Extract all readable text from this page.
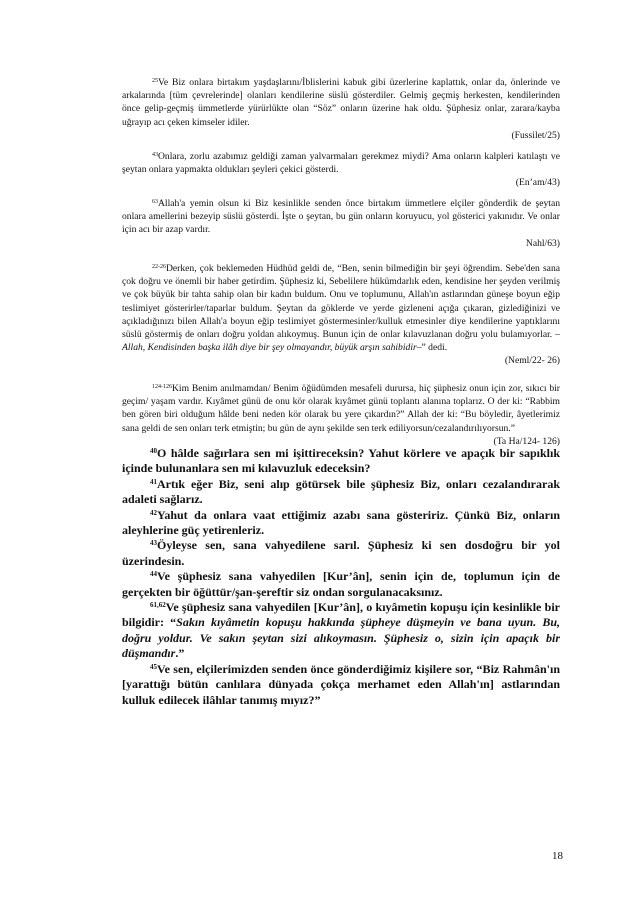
$^{25}$Ve Biz onlara birtakım yaşdaşlarını/İblislerini kabuk gibi üzerlerine kaplattık, onlar da, önlerinde ve arkalarında [tüm çevrelerinde] olanları kendilerine süslü gösterdiler. Gelmiş geçmiş herkesten, kendilerinden önce gelip-geçmiş ümmetlerde yürürlükte olan “Söz” onların üzerine hak oldu. Şüphesiz onlar, zarara/kayba uğrayıp acı çeken kimseler idiler.

(Fussilet/25)

$^{43}$Onlara, zorlu azabımız geldiği zaman yalvarmaları gerekmez miydi? Ama onların kalpleri katılaştı ve şeytan onlara yapmakta oldukları şeyleri çekici gösterdi.

(En’am/43)

$^{63}$Allah'a yemin olsun ki Biz kesinlikle senden önce birtakım ümmetlere elçiler gönderdik de şeytan onlara amellerini bezeyip süslü gösterdi. İşte o şeytan, bu gün onların koruyucu, yol gösterici yakınıdır. Ve onlar için acı bir azap vardır.

Nahl/63)

$^{22-26}$Derken, çok beklemeden Hüdhüd geldi de, “Ben, senin bilmediğin bir şeyi öğrendim. Sebe'den sana çok doğru ve önemli bir haber getirdim. Şüphesiz ki, Sebelilere hükümdarlık eden, kendisine her şeyden verilmiş ve çok büyük bir tahta sahip olan bir kadın buldum. Onu ve toplumunu, Allah'ın astlarından güneşe boyun eğip teslimiyet gösterirler/taparlar buldum. Şeytan da göklerde ve yerde gizleneni açığa çıkaran, gizlediğinizi ve açıkladığınızı bilen Allah'a boyun eğip teslimiyet göstermesinler/kulluk etmesinler diye kendilerine yaptıklarını süslü göstermiş de onları doğru yoldan alıkoymuş. Bunun için de onlar kılavuzlanan doğru yolu bulamıyorlar. –Allah, Kendisinden başka ilâh diye bir şey olmayandır, büyük arşın sahibidir–” dedi.

(Neml/22- 26)

$^{124-126}$Kim Benim anılmamdan/ Benim öğüdümden mesafeli durursa, hiç şüphesiz onun için zor, sıkıcı bir geçim/ yaşam vardır. Kıyâmet günü de onu kör olarak kıyâmet günü toplantı alanına toplarız. O der ki: “Rabbim ben gören biri olduğum hâlde beni neden kör olarak bu yere çıkardın?” Allah der ki: “Bu böyledir, âyetlerimiz sana geldi de sen onları terk etmiştin; bu gün de aynı şekilde sen terk ediliyorsun/cezalandırılıyorsun.”

(Ta Ha/124- 126)

$^{40}$O hâlde sağırlara sen mi işittireceksin? Yahut körlere ve apaçık bir sapıklık içinde bulunanlara sen mi kılavuzluk edeceksin?

$^{41}$Artık eğer Biz, seni alıp götürsek bile şüphesiz Biz, onları cezalandırarak adaleti sağlarız.

$^{42}$Yahut da onlara vaat ettiğimiz azabı sana gösteririz. Çünkü Biz, onların aleyhlerine güç yetirenleriz.

$^{43}$Öyleyse sen, sana vahyedilene sarıl. Şüphesiz ki sen dosdoğru bir yol üzerindesin.

$^{44}$Ve şüphesiz sana vahyedilen [Kur’ân], senin için de, toplumun için de gerçekten bir öğüttür/şan-şereftir siz ondan sorgulanacaksınız.

$^{61,62}$Ve şüphesiz sana vahyedilen [Kur’ân], o kıyâmetin kopuşu için kesinlikle bir bilgidir: “Sakın kıyâmetin kopuşu hakkında şüpheye düşmeyin ve bana uyun. Bu, doğru yoldur. Ve sakın şeytan sizi alıkoymasın. Şüphesiz o, sizin için apaçık bir düşmandır.”

$^{45}$Ve sen, elçilerimizden senden önce gönderdiğimiz kişilere sor, “Biz Rahmân'ın [yarattığı bütün canlılara dünyada çokça merhamet eden Allah'ın] astlarından kulluk edilecek ilâhlar tanımış mıyız?”

18
